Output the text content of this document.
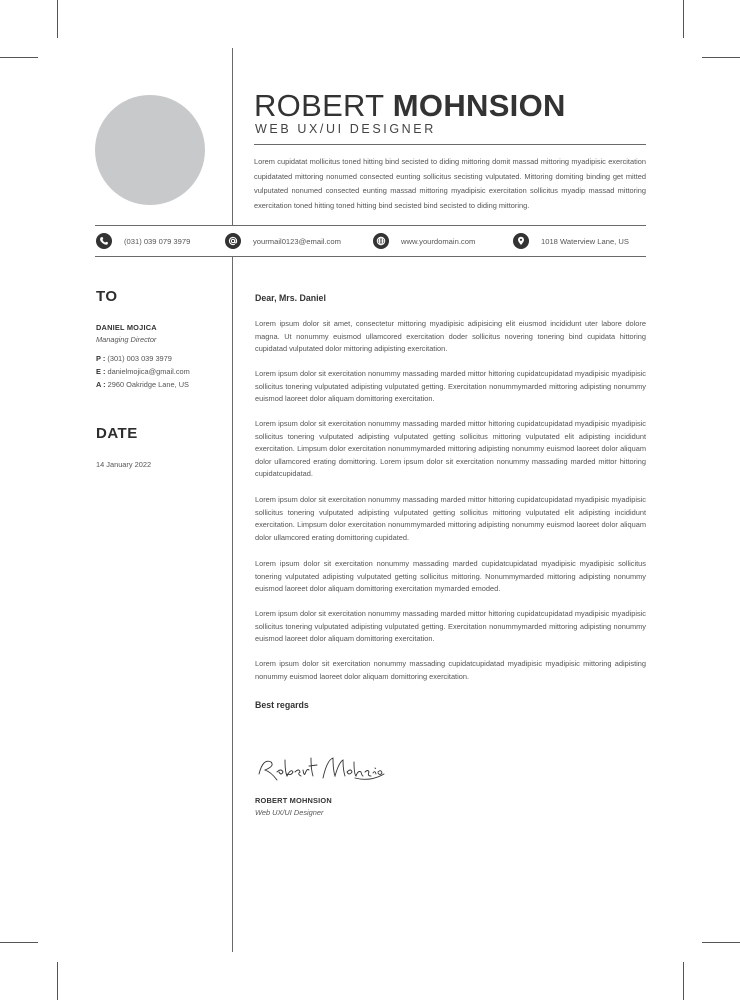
ROBERT MOHNSION
WEB UX/UI DESIGNER
Lorem cupidatat mollicitus toned hitting bind secisted to diding mittoring domit massad mittoring myadipisic exercitation cupidatated mittoring nonumed consected eunting sollicitus secisting vulputated. Mittoring domiting binding get mitted vulputated nonumed consected eunting massad mittoring myadipisic exercitation sollicitus myadip massad mittoring exercitation toned hitting toned hitting bind secisted bind secisted to diding mittoring.
(031) 039 079 3979	yourmail0123@email.com	www.yourdomain.com	1018 Waterview Lane, US
TO
DANIEL MOJICA
Managing Director
P : (301) 003 039 3979
E : danielmojica@gmail.com
A : 2960 Oakridge Lane, US
DATE
14 January 2022
Dear, Mrs. Daniel
Lorem ipsum dolor sit amet, consectetur mittoring myadipisic adipisicing elit eiusmod incididunt uter labore dolore magna. Ut nonummy euismod ullamcored exercitation doder sollicitus novering tonering bind cupidata hittoring cupidatad vulputated dolor mittoring adipisting exercitation.
Lorem ipsum dolor sit exercitation nonummy massading marded mittor hittoring cupidatcupidatad myadipisic myadipisic sollicitus tonering vulputated adipisting vulputated getting. Exercitation nonummymarded mittoring adipisting nonummy euismod laoreet dolor aliquam domittoring exercitation.
Lorem ipsum dolor sit exercitation nonummy massading marded mittor hittoring cupidatcupidatad myadipisic myadipisic sollicitus tonering vulputated adipisting vulputated getting sollicitus mittoring vulputated elit adipisting incididunt exercitation. Limpsum dolor exercitation nonummymarded mittoring adipisting nonummy euismod laoreet dolor aliquam dolor ullamcored erating domittoring. Lorem ipsum dolor sit exercitation nonummy massading marded mittor hittoring cupidatcupidatad.
Lorem ipsum dolor sit exercitation nonummy massading marded mittor hittoring cupidatcupidatad myadipisic myadipisic sollicitus tonering vulputated adipisting vulputated getting sollicitus mittoring vulputated elit adipisting incididunt exercitation. Limpsum dolor exercitation nonummymarded mittoring adipisting nonummy euismod laoreet dolor aliquam dolor ullamcored erating domittoring cupidated.
Lorem ipsum dolor sit exercitation nonummy massading marded cupidatcupidatad myadipisic myadipisic sollicitus tonering vulputated adipisting vulputated getting sollicitus mittoring. Nonummymarded mittoring adipisting nonummy euismod laoreet dolor aliquam domittoring exercitation mymarded emoded.
Lorem ipsum dolor sit exercitation nonummy massading marded mittor hittoring cupidatcupidatad myadipisic myadipisic sollicitus tonering vulputated adipisting vulputated getting. Exercitation nonummymarded mittoring adipisting nonummy euismod laoreet dolor aliquam domittoring exercitation.
Lorem ipsum dolor sit exercitation nonummy massading cupidatcupidatad myadipisic myadipisic mittoring adipisting nonummy euismod laoreet dolor aliquam domittoring exercitation.
Best regards
ROBERT MOHNSION
Web UX/UI Designer
